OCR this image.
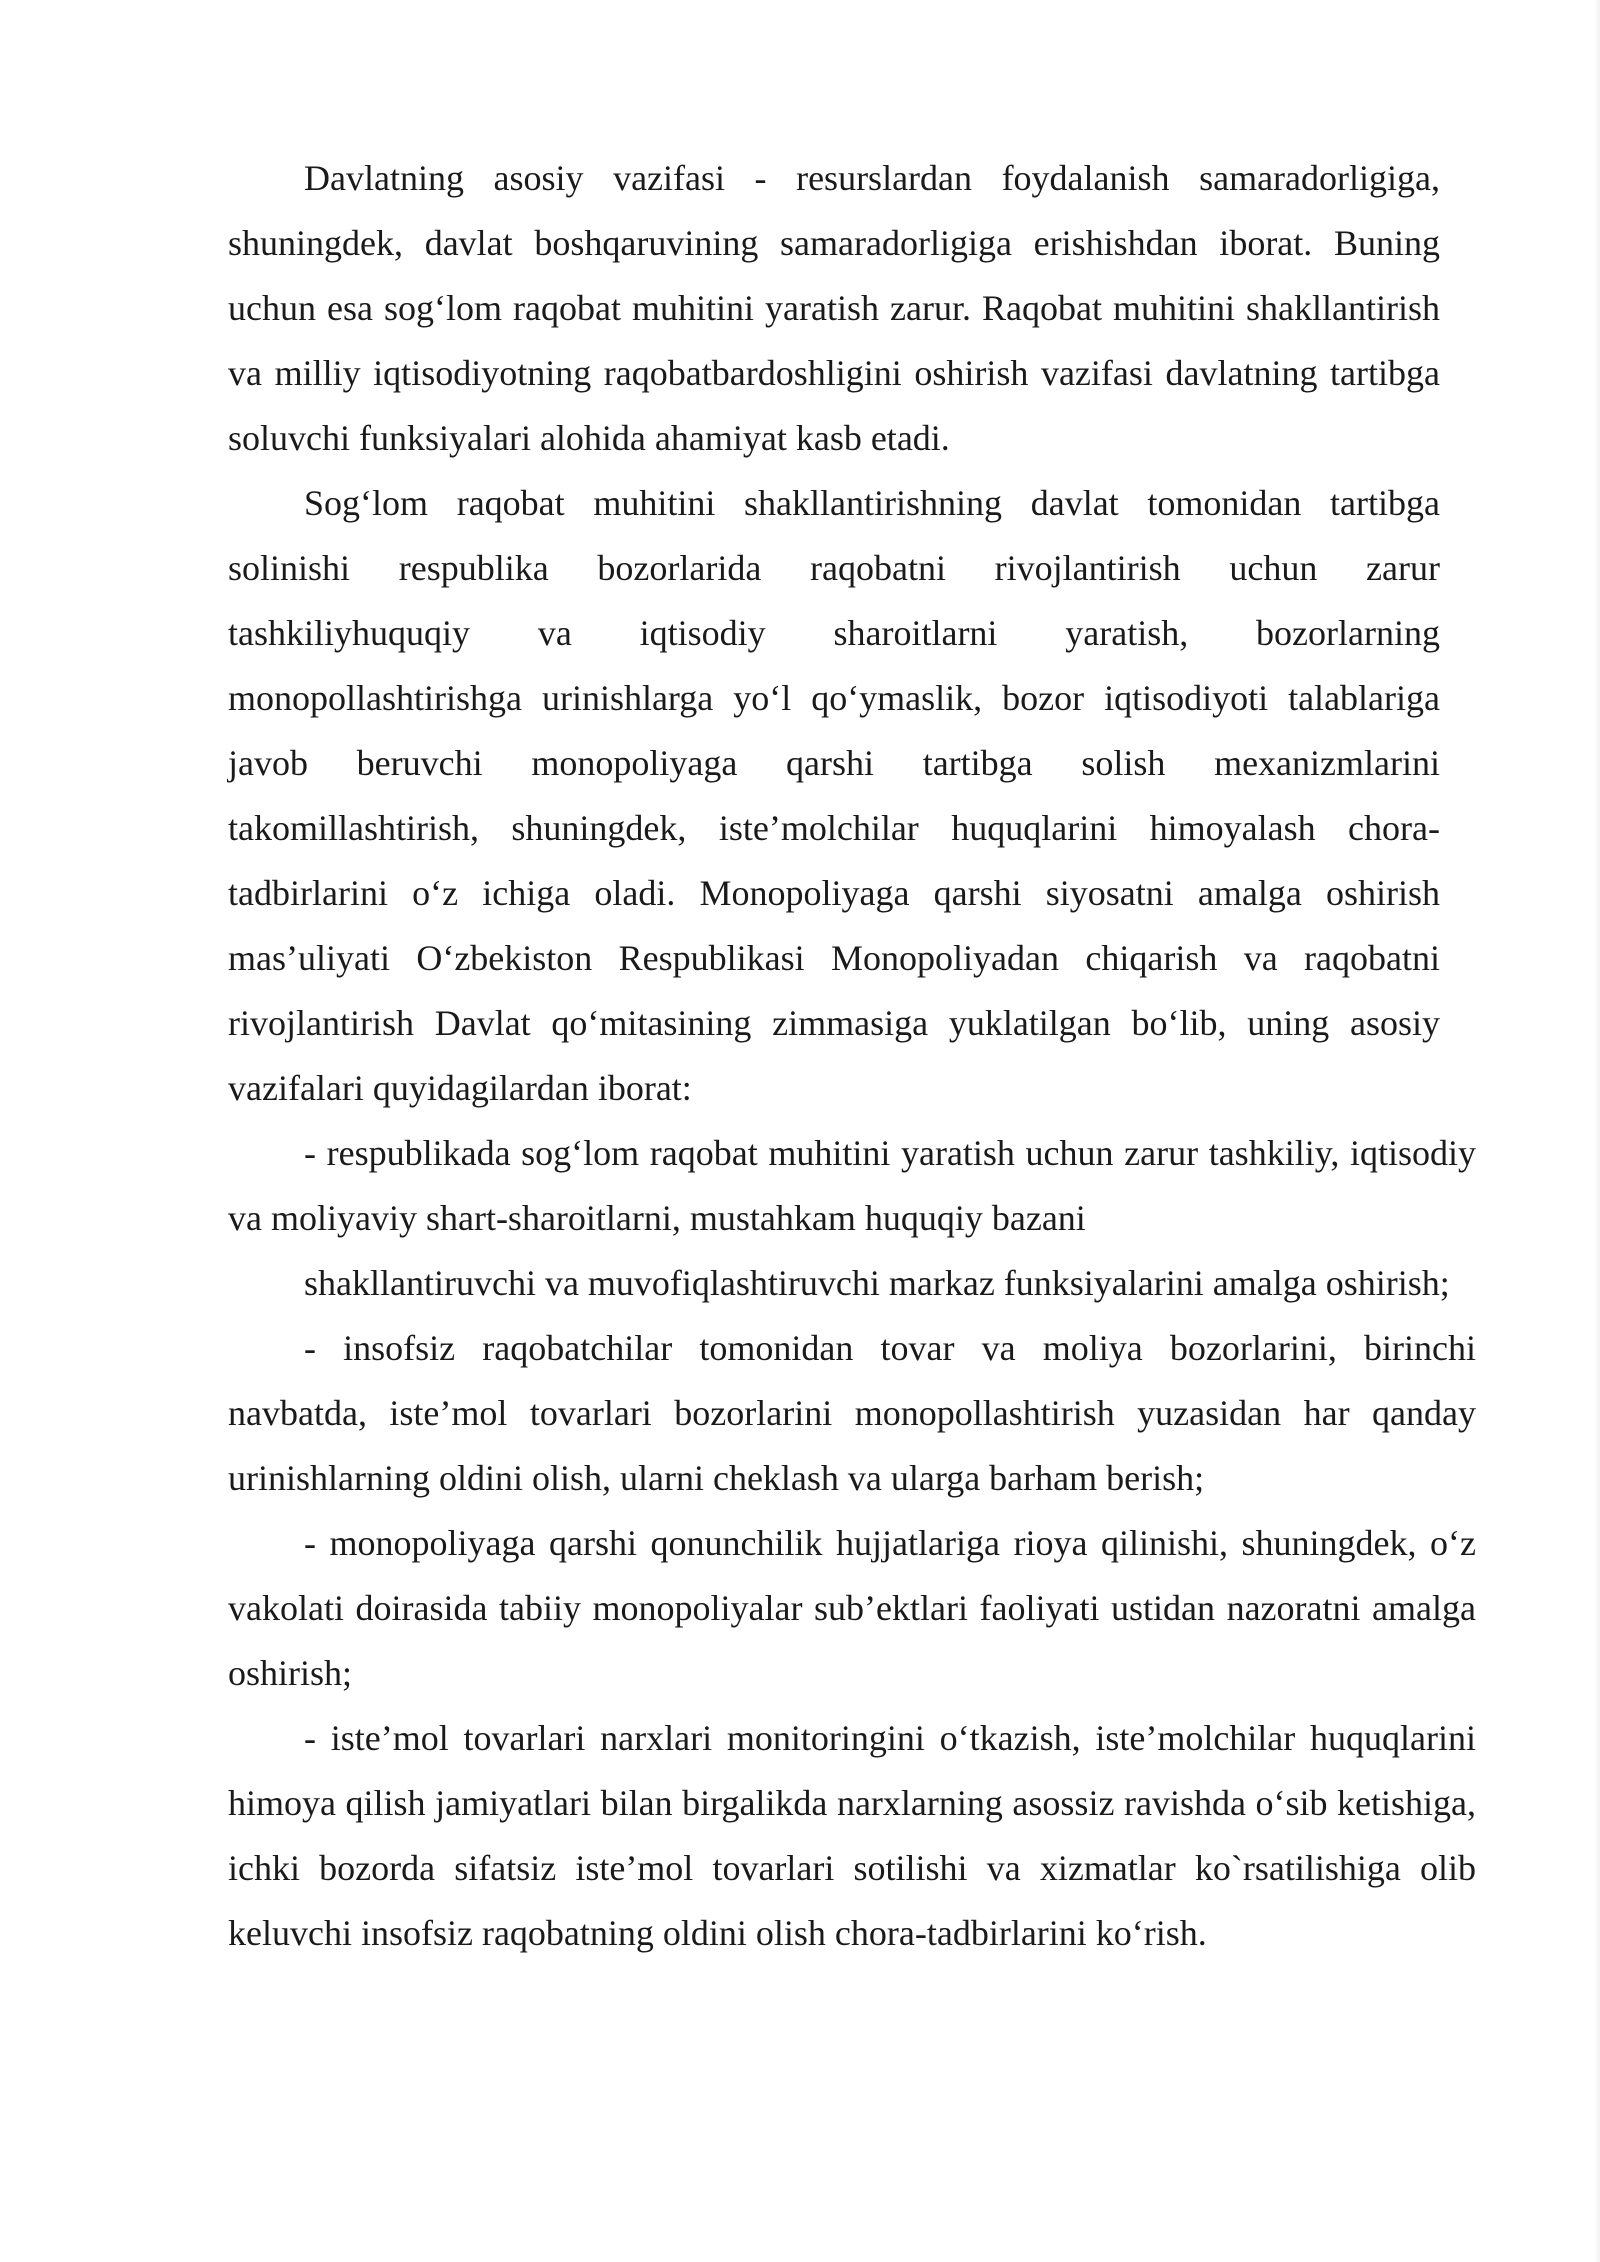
Davlatning asosiy vazifasi - resurslardan foydalanish samaradorligiga, shuningdek, davlat boshqaruvining samaradorligiga erishishdan iborat. Buning uchun esa sog‘lom raqobat muhitini yaratish zarur. Raqobat muhitini shakllantirish va milliy iqtisodiyotning raqobatbardoshligini oshirish vazifasi davlatning tartibga soluvchi funksiyalari alohida ahamiyat kasb etadi.

Sog‘lom raqobat muhitini shakllantirishning davlat tomonidan tartibga solinishi respublika bozorlarida raqobatni rivojlantirish uchun zarur tashkiliyhuquqiy va iqtisodiy sharoitlarni yaratish, bozorlarning monopollashtirishga urinishlarga yo‘l qo‘ymaslik, bozor iqtisodiyoti talablariga javob beruvchi monopoliyaga qarshi tartibga solish mexanizmlarini takomillashtirish, shuningdek, iste’molchilar huquqlarini himoyalash chora-tadbirlarini o‘z ichiga oladi. Monopoliyaga qarshi siyosatni amalga oshirish mas’uliyati O‘zbekiston Respublikasi Monopoliyadan chiqarish va raqobatni rivojlantirish Davlat qo‘mitasining zimmasiga yuklatilgan bo‘lib, uning asosiy vazifalari quyidagilardan iborat:

- respublikada sog‘lom raqobat muhitini yaratish uchun zarur tashkiliy, iqtisodiy va moliyaviy shart-sharoitlarni, mustahkam huquqiy bazani

shakllantiruvchi va muvofiqlashtiruvchi markaz funksiyalarini amalga oshirish;

- insofsiz raqobatchilar tomonidan tovar va moliya bozorlarini, birinchi navbatda, iste’mol tovarlari bozorlarini monopollashtirish yuzasidan har qanday urinishlarning oldini olish, ularni cheklash va ularga barham berish;

- monopoliyaga qarshi qonunchilik hujjatlariga rioya qilinishi, shuningdek, o‘z vakolati doirasida tabiiy monopoliyalar sub’ektlari faoliyati ustidan nazoratni amalga oshirish;

- iste’mol tovarlari narxlari monitoringini o‘tkazish, iste’molchilar huquqlarini himoya qilish jamiyatlari bilan birgalikda narxlarning asossiz ravishda o‘sib ketishiga, ichki bozorda sifatsiz iste’mol tovarlari sotilishi va xizmatlar ko`rsatilishiga olib keluvchi insofsiz raqobatning oldini olish chora-tadbirlarini ko‘rish.
